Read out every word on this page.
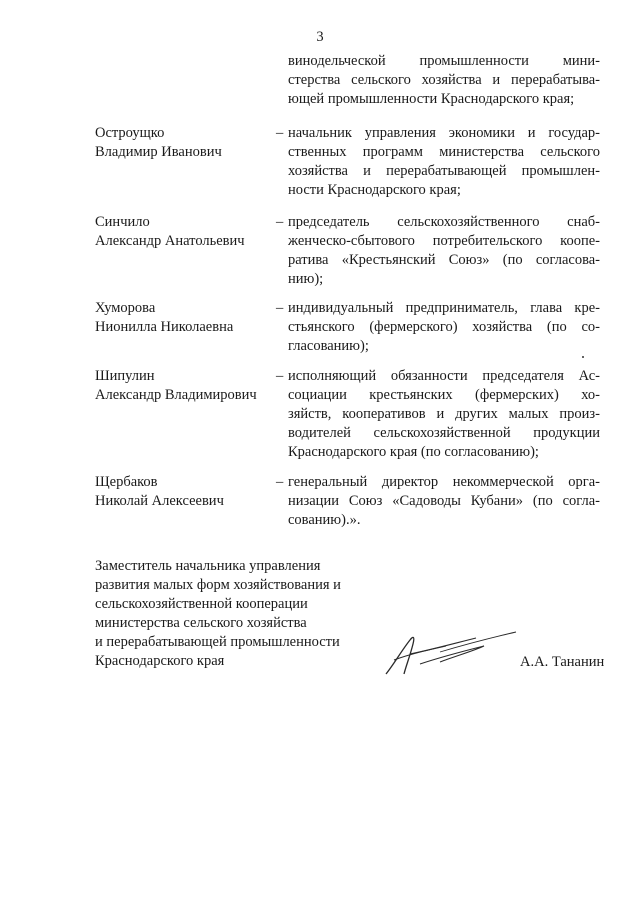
3
винодельческой промышленности мини-
стерства сельского хозяйства и перерабатыва-
ющей промышленности Краснодарского края;
Остроущко
Владимир Иванович
– начальник управления экономики и государ-
ственных программ министерства сельского
хозяйства и перерабатывающей промышлен-
ности Краснодарского края;
Синчило
Александр Анатольевич
– председатель сельскохозяйственного снаб-
женческо-сбытового потребительского коопе-
ратива «Крестьянский Союз» (по согласова-
нию);
Хуморова
Нионилла Николаевна
– индивидуальный предприниматель, глава кре-
стьянского (фермерского) хозяйства (по со-
гласованию);
Шипулин
Александр Владимирович
– исполняющий обязанности председателя Ас-
социации крестьянских (фермерских) хо-
зяйств, кооперативов и других малых произ-
водителей сельскохозяйственной продукции
Краснодарского края (по согласованию);
Щербаков
Николай Алексеевич
– генеральный директор некоммерческой орга-
низации Союз «Садоводы Кубани» (по согла-
сованию).».
Заместитель начальника управления
развития малых форм хозяйствования и
сельскохозяйственной кооперации
министерства сельского хозяйства
и перерабатывающей промышленности
Краснодарского края	А.А. Тананин
